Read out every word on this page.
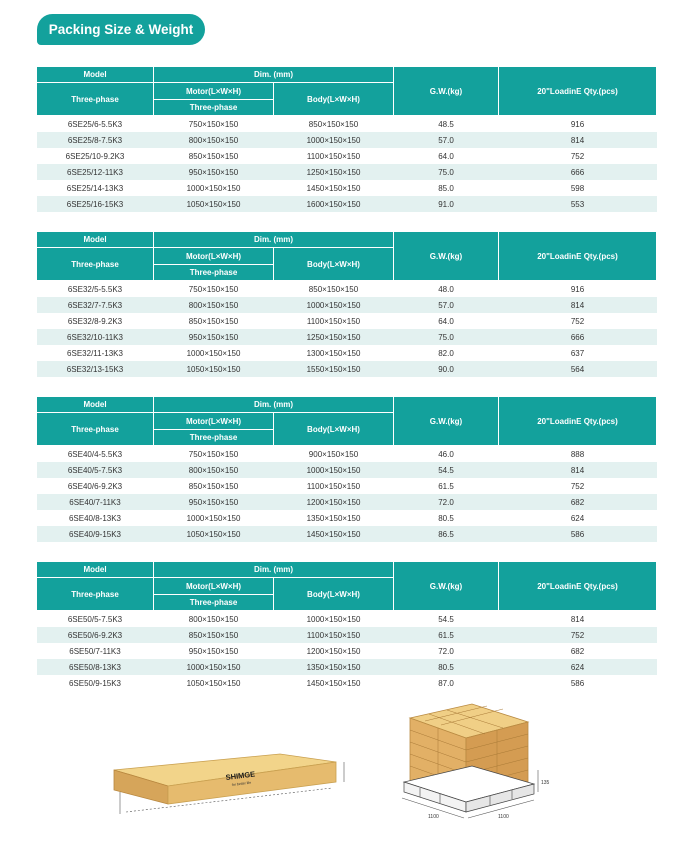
Packing Size & Weight
Model	Dim. (mm)		G.W.(kg)	20"LoadinE Qty.(pcs)
Three-phase	Motor(L×W×H)	Body(L×W×H)		
	Three-phase			
6SE25/6-5.5K3	750×150×150	850×150×150	48.5	916
6SE25/8-7.5K3	800×150×150	1000×150×150	57.0	814
6SE25/10-9.2K3	850×150×150	1100×150×150	64.0	752
6SE25/12-11K3	950×150×150	1250×150×150	75.0	666
6SE25/14-13K3	1000×150×150	1450×150×150	85.0	598
6SE25/16-15K3	1050×150×150	1600×150×150	91.0	553
Model	Dim. (mm)		G.W.(kg)	20"LoadinE Qty.(pcs)
Three-phase	Motor(L×W×H)	Body(L×W×H)		
	Three-phase			
6SE32/5-5.5K3	750×150×150	850×150×150	48.0	916
6SE32/7-7.5K3	800×150×150	1000×150×150	57.0	814
6SE32/8-9.2K3	850×150×150	1100×150×150	64.0	752
6SE32/10-11K3	950×150×150	1250×150×150	75.0	666
6SE32/11-13K3	1000×150×150	1300×150×150	82.0	637
6SE32/13-15K3	1050×150×150	1550×150×150	90.0	564
Model	Dim. (mm)		G.W.(kg)	20"LoadinE Qty.(pcs)
Three-phase	Motor(L×W×H)	Body(L×W×H)		
	Three-phase			
6SE40/4-5.5K3	750×150×150	900×150×150	46.0	888
6SE40/5-7.5K3	800×150×150	1000×150×150	54.5	814
6SE40/6-9.2K3	850×150×150	1100×150×150	61.5	752
6SE40/7-11K3	950×150×150	1200×150×150	72.0	682
6SE40/8-13K3	1000×150×150	1350×150×150	80.5	624
6SE40/9-15K3	1050×150×150	1450×150×150	86.5	586
Model	Dim. (mm)		G.W.(kg)	20"LoadinE Qty.(pcs)
Three-phase	Motor(L×W×H)	Body(L×W×H)		
	Three-phase			
6SE50/5-7.5K3	800×150×150	1000×150×150	54.5	814
6SE50/6-9.2K3	850×150×150	1100×150×150	61.5	752
6SE50/7-11K3	950×150×150	1200×150×150	72.0	682
6SE50/8-13K3	1000×150×150	1350×150×150	80.5	624
6SE50/9-15K3	1050×150×150	1450×150×150	87.0	586
SHIMGE
for better life	135
1100	1100
